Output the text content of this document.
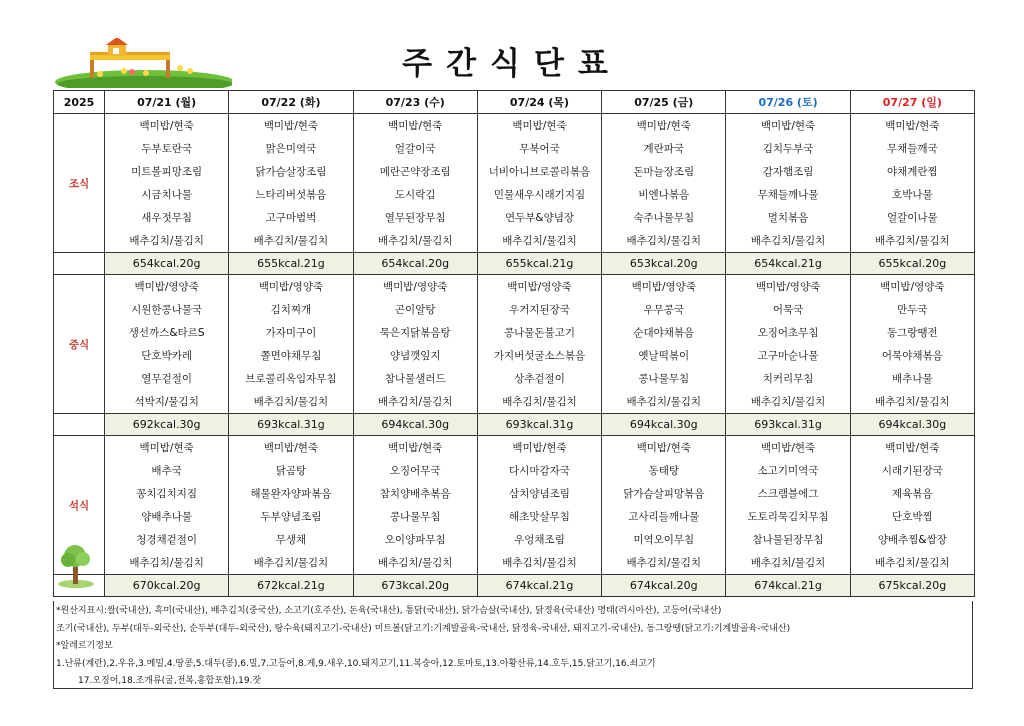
주간식단표
2025	07/21 (월)	07/22 (화)	07/23 (수)	07/24 (목)	07/25 (금)	07/26 (토)	07/27 (일)
조식	백미밥/현죽	백미밥/현죽	백미밥/현죽	백미밥/현죽	백미밥/현죽	백미밥/현죽	백미밥/현죽
	두부토란국	맑은미역국	얼갈이국	무북어국	계란파국	김치두부국	무채들깨국
	미트볼피망조림	닭가슴살장조림	메란곤약장조림	너비아니브로콜리볶음	돈마늘장조림	감자햄조림	야채계란찜
	시금치나물	느타리버섯볶음	도시락김	민물새우시래기지짐	비엔나볶음	무채들깨나물	호박나물
	새우젓무침	고구마범벅	열무된장무침	연두부&양념장	숙주나물무침	멸치볶음	얼갈이나물
	배추김치/물김치	배추김치/물김치	배추김치/물김치	배추김치/물김치	배추김치/물김치	배추김치/물김치	배추김치/물김치
	654kcal.20g	655kcal.21g	654kcal.20g	655kcal.21g	653kcal.20g	654kcal.21g	655kcal.20g
중식	백미밥/영양죽	백미밥/영양죽	백미밥/영양죽	백미밥/영양죽	백미밥/영양죽	백미밥/영양죽	백미밥/영양죽
	시원한콩나물국	김치찌개	곤이알탕	우거지된장국	우무콩국	어묵국	만두국
	생선까스&타르S	가자미구이	묵은지닭볶음탕	콩나물돈불고기	순대야채볶음	오징어초무침	동그랑땡전
	단호박카레	쫄면야채무침	양념깻잎지	가지버섯굴소스볶음	옛날떡볶이	고구마순나물	어묵야채볶음
	열무겉절이	브로콜리옥임자무침	참나물샐러드	상추겉절이	콩나물무침	치커리무침	배추나물
	석박지/물김치	배추김치/물김치	배추김치/물김치	배추김치/물김치	배추김치/물김치	배추김치/물김치	배추김치/물김치
	692kcal.30g	693kcal.31g	694kcal.30g	693kcal.31g	694kcal.30g	693kcal.31g	694kcal.30g
석식	백미밥/현죽	백미밥/현죽	백미밥/현죽	백미밥/현죽	백미밥/현죽	백미밥/현죽	백미밥/현죽
	배추국	닭곰탕	오징어무국	다시마감자국	동태탕	소고기미역국	시래기된장국
	꽁치김치지짐	해물완자양파볶음	참치양배추볶음	삼치양념조림	닭가슴살피망볶음	스크램블에그	제육볶음
	양배추나물	두부양념조림	콩나물무침	해초맛살무침	고사리들깨나물	도토리묵김치무침	단호박찜
	청경채겉절이	무생채	오이양파무침	우엉채조림	미역오이무침	참나물된장무침	양배추찜&쌈장
	배추김치/물김치	배추김치/물김치	배추김치/물김치	배추김치/물김치	배추김치/물김치	배추김치/물김치	배추김치/물김치
	670kcal.20g	672kcal.21g	673kcal.20g	674kcal.21g	674kcal.20g	674kcal.21g	675kcal.20g
*원산지표시:쌀(국내산), 흑미(국내산), 배추김치(중국산), 소고기(호주산), 돈육(국내산), 통닭(국내산), 닭가슴살(국내산), 닭정육(국내산) 명태(러시아산), 고등어(국내산)
조기(국내산), 두부(대두-외국산), 순두부(대두-외국산), 탕수육(돼지고기-국내산) 미트볼(닭고기:기계발골육-국내산, 닭정육-국내산, 돼지고기-국내산), 동그랑땡(닭고기:기계발골육-국내산)
*알레르기정보
1.난류(계란),2.우유,3.메밀,4.땅콩,5.대두(콩),6.밀,7.고등어,8.게,9.새우,10.돼지고기,11.복숭아,12.토마토,13.아황산류,14.호두,15.닭고기,16.쇠고기
17.오징어,18.조개류(굴,전복,홍합포함),19.잣
